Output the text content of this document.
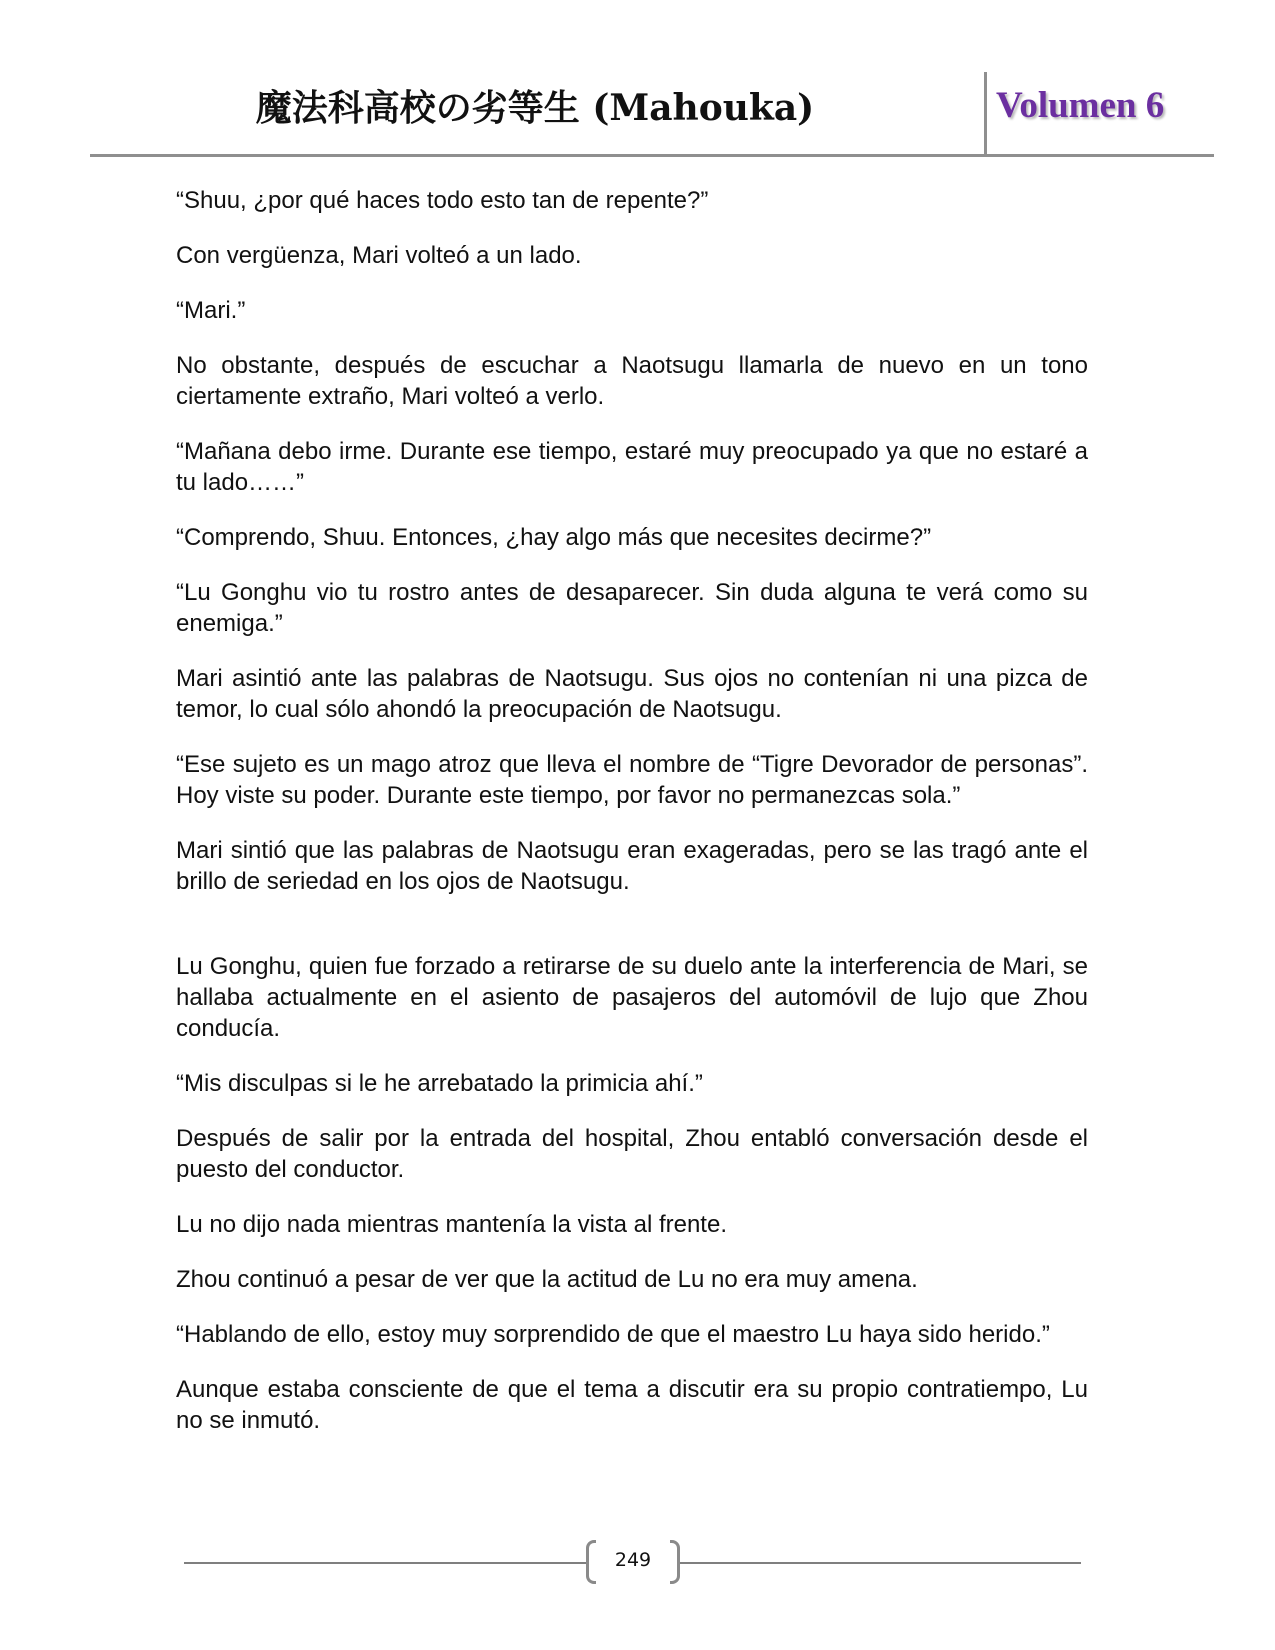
魔法科高校の劣等生 (Mahouka)	Volumen 6

“Shuu, ¿por qué haces todo esto tan de repente?”

Con vergüenza, Mari volteó a un lado.

“Mari.”

No obstante, después de escuchar a Naotsugu llamarla de nuevo en un tono ciertamente extraño, Mari volteó a verlo.

“Mañana debo irme. Durante ese tiempo, estaré muy preocupado ya que no estaré a tu lado……”

“Comprendo, Shuu. Entonces, ¿hay algo más que necesites decirme?”

“Lu Gonghu vio tu rostro antes de desaparecer. Sin duda alguna te verá como su enemiga.”

Mari asintió ante las palabras de Naotsugu. Sus ojos no contenían ni una pizca de temor, lo cual sólo ahondó la preocupación de Naotsugu.

“Ese sujeto es un mago atroz que lleva el nombre de “Tigre Devorador de personas”. Hoy viste su poder. Durante este tiempo, por favor no permanezcas sola.”

Mari sintió que las palabras de Naotsugu eran exageradas, pero se las tragó ante el brillo de seriedad en los ojos de Naotsugu.

Lu Gonghu, quien fue forzado a retirarse de su duelo ante la interferencia de Mari, se hallaba actualmente en el asiento de pasajeros del automóvil de lujo que Zhou conducía.

“Mis disculpas si le he arrebatado la primicia ahí.”

Después de salir por la entrada del hospital, Zhou entabló conversación desde el puesto del conductor.

Lu no dijo nada mientras mantenía la vista al frente.

Zhou continuó a pesar de ver que la actitud de Lu no era muy amena.

“Hablando de ello, estoy muy sorprendido de que el maestro Lu haya sido herido.”

Aunque estaba consciente de que el tema a discutir era su propio contratiempo, Lu no se inmutó.

249
